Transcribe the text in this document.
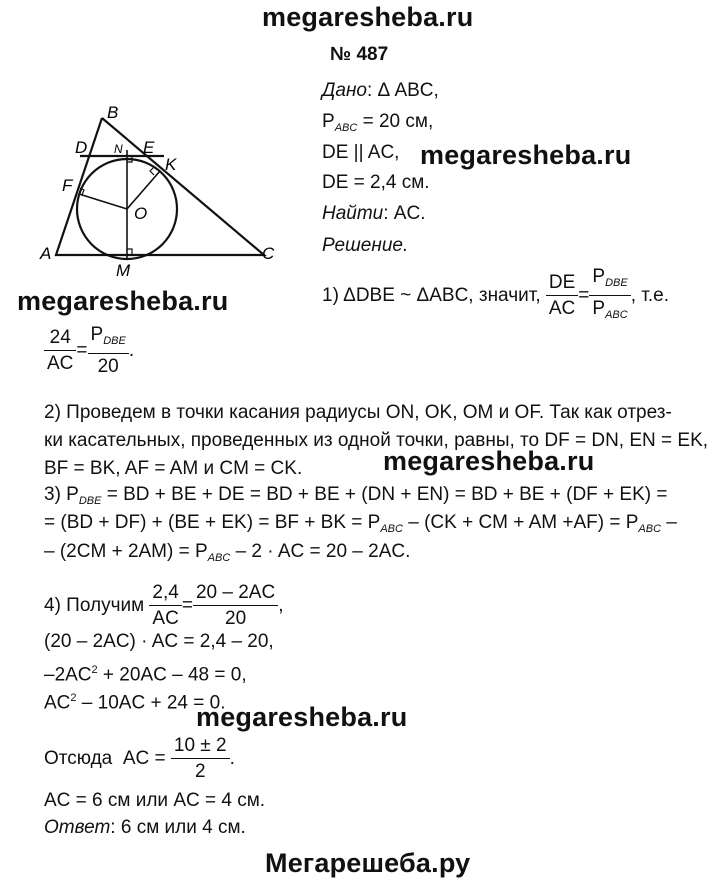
megaresheba.ru
megaresheba.ru
megaresheba.ru
megaresheba.ru
megaresheba.ru
Мегарешеба.ру
№ 487
Дано: Δ ABC,
$P_{ABC} = 20$ см,
DE || AC,
DE = 2,4 см.
Найти: AC.
Решение.
B
D	E
K
N
F
O
A	C
M
1) ΔDBE ~ ΔABC, значит, $\frac{DE}{AC} = \frac{P_{DBE}}{P_{ABC}}$ , т.е.
$\frac{24}{AC} = \frac{P_{DBE}}{20}$ .
2) Проведем в точки касания радиусы ON, OK, OM и OF. Так как отрез-
ки касательных, проведенных из одной точки, равны, то DF = DN, EN = EK,
BF = BK, AF = AM и CM = CK.
3) $P_{DBE}$ = BD + BE + DE = BD + BE + (DN + EN) = BD + BE + (DF + EK) =
= (BD + DF) + (BE + EK) = BF + BK = $P_{ABC} - (CK$ + CM + AM $+AF) = P_{ABC}$ –
– $(2CM + 2AM) = P_{ABC} - 2$ · AC = 20 – 2AC.
4) Получим $\frac{2,4}{AC} = \frac{20 - 2AC}{20}$ ,
(20 – 2AC) · AC = 2,4 – 20,
$-2AC^2 + 20AC - 48 = 0$,
$AC^2 - 10AC + 24 = 0$.
Отсюда AC = $\frac{10 \pm 2}{2}$ .
AC = 6 см или AC = 4 см.
Ответ: 6 см или 4 см.
